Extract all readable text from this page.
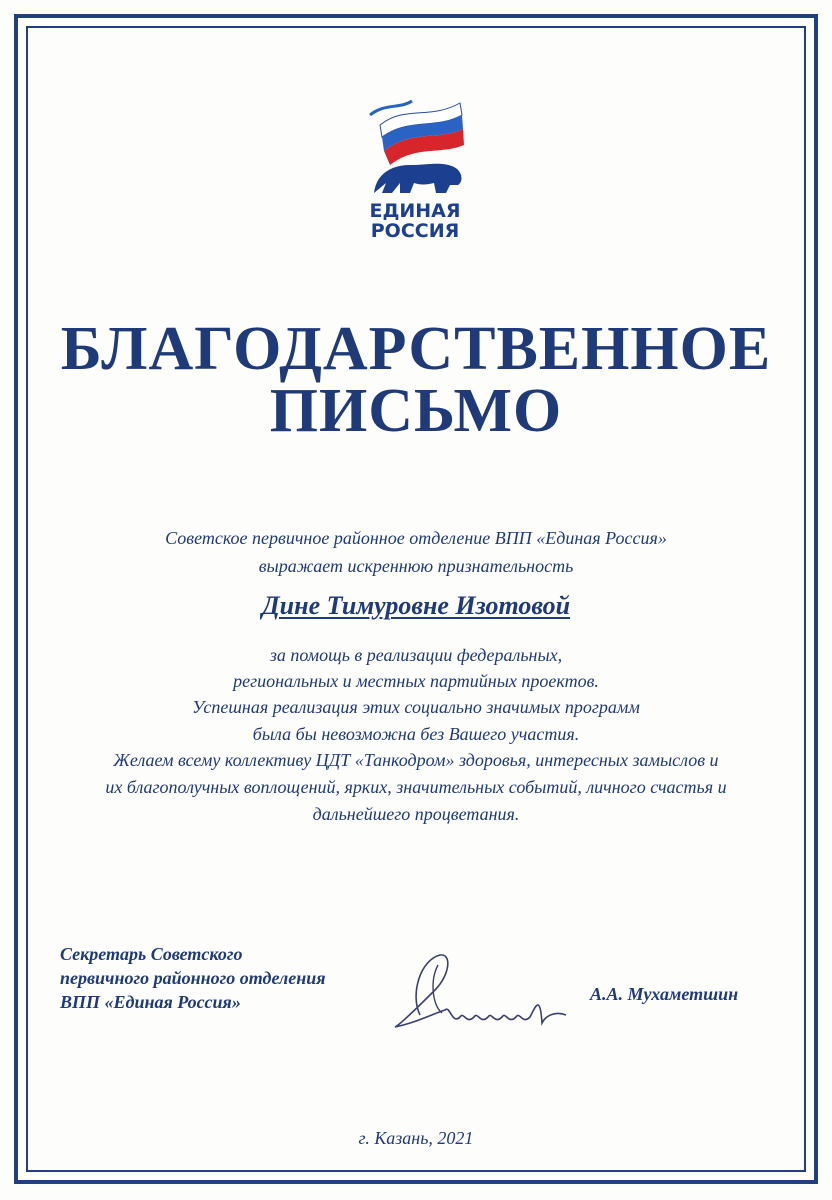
ЕДИНАЯ
РОССИЯ
БЛАГОДАРСТВЕННОЕ
ПИСЬМО
Советское первичное районное отделение ВПП «Единая Россия»
выражает искреннюю признательность
Дине Тимуровне Изотовой
за помощь в реализации федеральных,
региональных и местных партийных проектов.
Успешная реализация этих социально значимых программ
была бы невозможна без Вашего участия.
Желаем всему коллективу ЦДТ «Танкодром» здоровья, интересных замыслов и
их благополучных воплощений, ярких, значительных событий, личного счастья и
дальнейшего процветания.
Секретарь Советского
первичного районного отделения
ВПП «Единая Россия»	А.А. Мухаметшин
г. Казань, 2021
